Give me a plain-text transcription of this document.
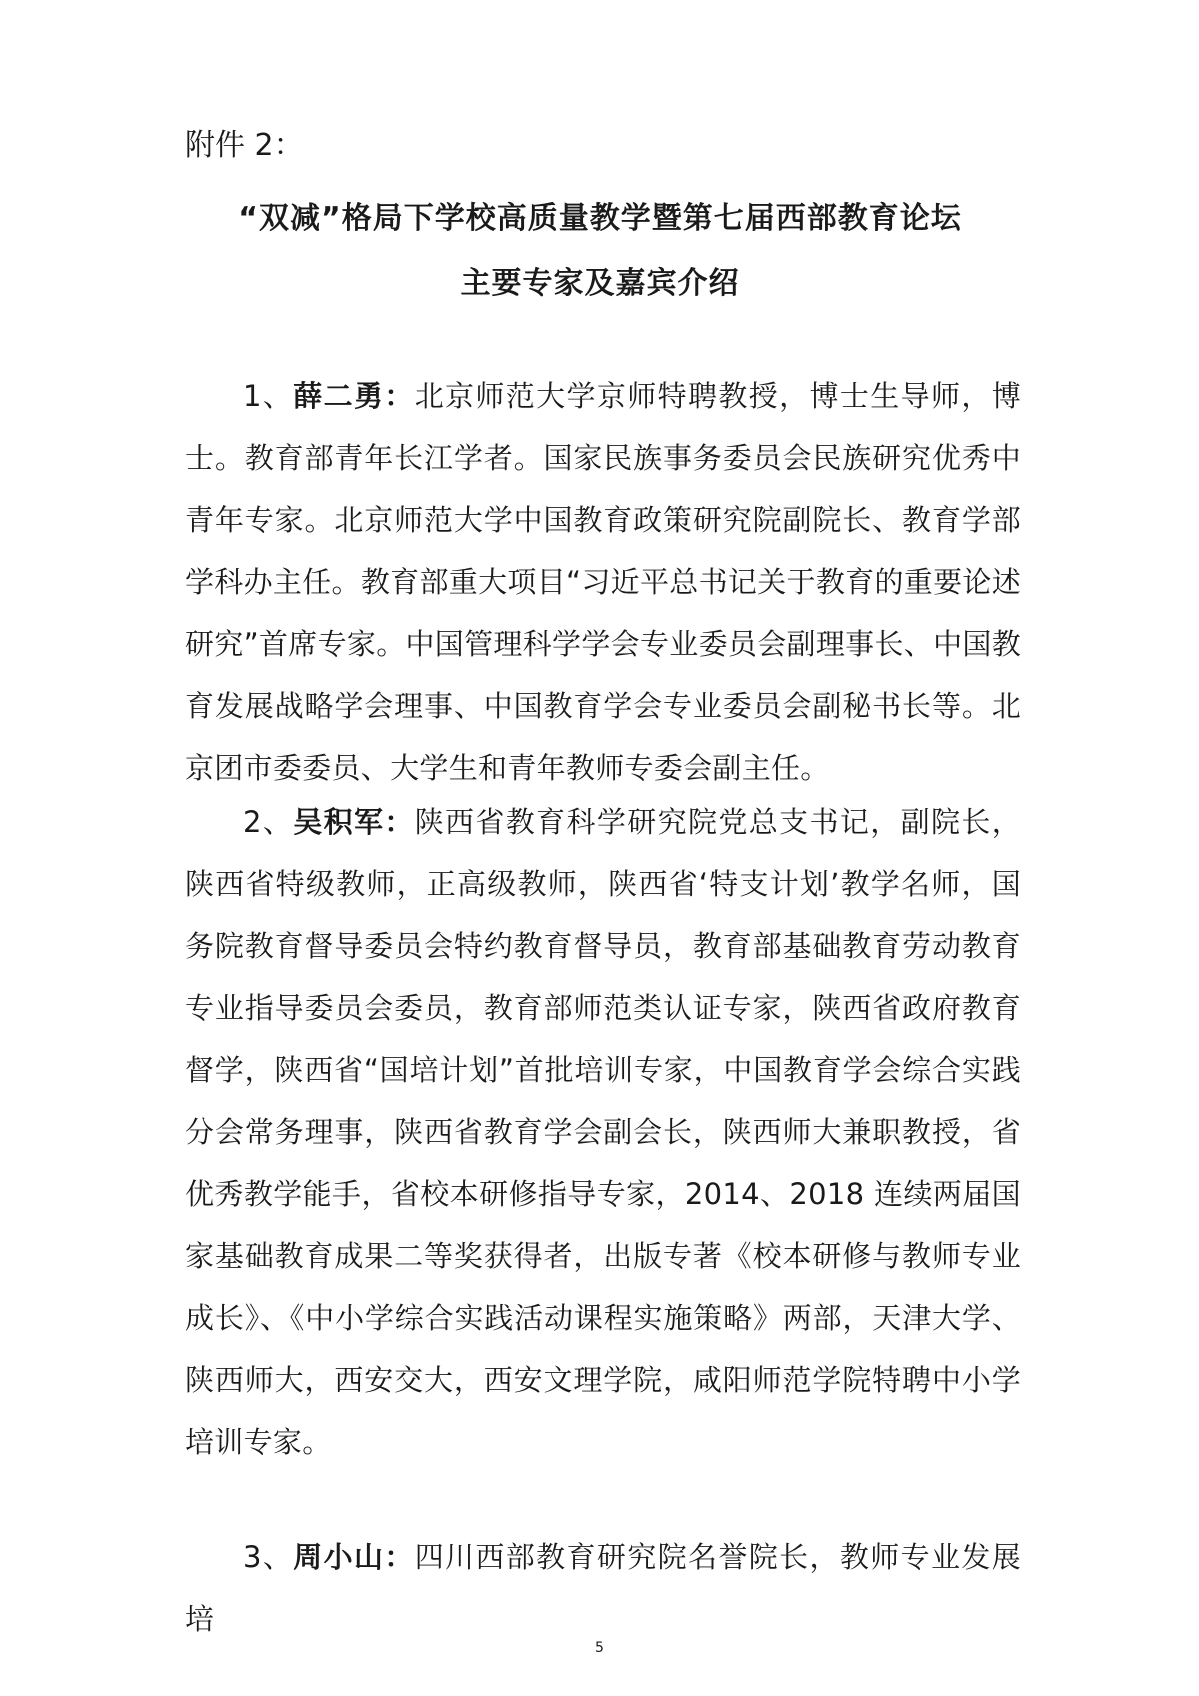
附件 2：
“双减”格局下学校高质量教学暨第七届西部教育论坛
主要专家及嘉宾介绍

1、薛二勇：北京师范大学京师特聘教授，博士生导师，博士。教育部青年长江学者。国家民族事务委员会民族研究优秀中青年专家。北京师范大学中国教育政策研究院副院长、教育学部学科办主任。教育部重大项目“习近平总书记关于教育的重要论述研究”首席专家。中国管理科学学会专业委员会副理事长、中国教育发展战略学会理事、中国教育学会专业委员会副秘书长等。北京团市委委员、大学生和青年教师专委会副主任。

2、吴积军：陕西省教育科学研究院党总支书记，副院长，陕西省特级教师，正高级教师，陕西省‘特支计划’教学名师，国务院教育督导委员会特约教育督导员，教育部基础教育劳动教育专业指导委员会委员，教育部师范类认证专家，陕西省政府教育督学，陕西省“国培计划”首批培训专家，中国教育学会综合实践分会常务理事，陕西省教育学会副会长，陕西师大兼职教授，省优秀教学能手，省校本研修指导专家，2014、2018 连续两届国家基础教育成果二等奖获得者，出版专著《校本研修与教师专业成长》、《中小学综合实践活动课程实施策略》两部，天津大学、陕西师大，西安交大，西安文理学院，咸阳师范学院特聘中小学培训专家。

3、周小山：四川西部教育研究院名誉院长，教师专业发展培

5
